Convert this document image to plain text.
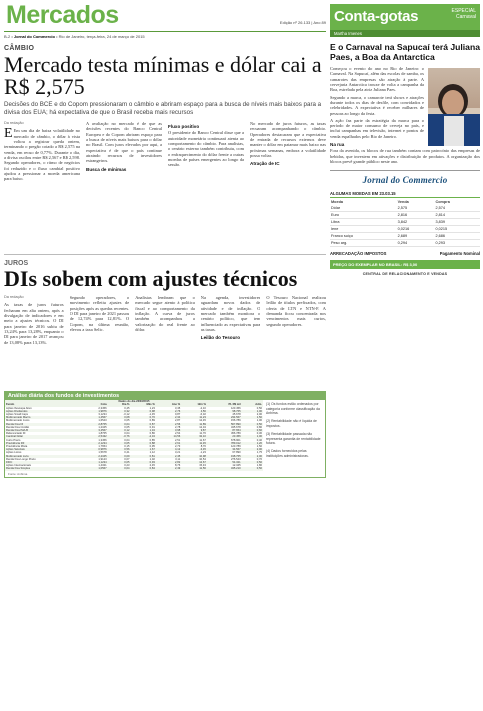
Mercados	Edição nº 26.133 | Ano 89
B-2 • Jornal do Commercio • Rio de Janeiro, terça-feira, 24 de março de 2015
CÂMBIO
Mercado testa mínimas e dólar cai a R$ 2,575
Decisões do BCE e do Copom pressionaram o câmbio e abriram espaço para a busca de níveis mais baixos para a divisa dos EUA; há expectativa de que o Brasil receba mais recursos
Da redação
E Em um dia de baixa volatilidade no mercado de câmbio, o dólar à vista voltou a registrar queda ontem, terminando o pregão cotado a R$ 2,575 na venda, em recuo de 0,77%. Durante o dia, a divisa oscilou entre R$ 2,567 e R$ 2,598. Segundo operadores, o ritmo de negócios foi reduzido e o fluxo cambial positivo ajudou a pressionar a moeda americana para baixo.
A avaliação no mercado é de que as decisões recentes do Banco Central Europeu e do Copom abriram espaço para a busca de níveis mais baixos para o dólar no Brasil. Com juros elevados por aqui, a expectativa é de que o país continue atraindo recursos de investidores estrangeiros.
Busca de mínimas
Fluxo positivo
O presidente do Banco Central disse que a autoridade monetária continuará atenta ao comportamento do câmbio. Para analistas, o cenário externo também contribuiu, com o enfraquecimento do dólar frente a outras moedas de países emergentes ao longo da sessão.
No mercado de juros futuros, as taxas recuaram acompanhando o câmbio. Operadores destacaram que a expectativa de entrada de recursos externos deve manter o dólar em patamar mais baixo nas próximas semanas, embora a volatilidade possa voltar.
Atração de IC
JUROS
DIs sobem com ajustes técnicos
Da redação
As taxas de juros futuros fecharam em alta ontem, após a divulgação de indicadores e em meio a ajustes técnicos. O DI para janeiro de 2016 subiu de 13,24% para 13,28%, enquanto o DI para janeiro de 2017 avançou de 13,08% para 13,13%.
Segundo operadores, o movimento refletiu ajustes de posições após as quedas recentes. O DI para janeiro de 2021 passou de 12,74% para 12,81%. O Copom, na última reunião, elevou a taxa Selic.
Analistas lembram que o mercado segue atento à política fiscal e ao comportamento da inflação. A curva de juros também acompanhou a valorização do real frente ao dólar.
Na agenda, investidores aguardam novos dados de atividade e de inflação. O mercado também monitora o cenário político, que tem influenciado as expectativas para as taxas.
Leilão do Tesouro
O Tesouro Nacional realizou leilão de títulos prefixados, com oferta de LTN e NTN-F. A demanda ficou concentrada nos vencimentos mais curtos, segundo operadores.
Análise diária dos fundos de investimentos
Dados do dia 23/03/2015							
Fundo	Cota	Dia %	Mês %	Ano %	12m %	PL R$ mil	Adm.
Ações Ibovespa Ativo	2,3456	0,45	1,23	3,45	-2,10	123.456	0,50
Ações Dividendos	1,9876	0,32	0,98	2,76	4,56	98.765	1,00
Ações Small Caps	3,1234	-0,12	-1,45	0,87	-6,32	45.678	2,00
Multimercado Macro	1,4567	0,08	0,76	2,34	11,23	234.567	1,50
Multimercado Juros	1,6543	0,05	0,89	2,87	12,45	156.789	1,00
Renda Fixa DI	2,8765	0,04	0,87	2,56	11,89	567.890	0,50
Renda Fixa Crédito	1,2345	0,05	0,91	2,78	12,34	345.678	0,80
Renda Fixa IMA-B	3,4567	0,12	1,34	3,98	9,87	87.654	0,60
Referenciado DI	1,8765	0,04	0,86	2,54	11,76	456.789	0,30
Cambial Dólar	2,5432	-0,76	-2,34	14,56	32,10	23.456	1,00
Curto Prazo	1,3456	0,04	0,85	2,51	11,67	678.901	0,40
Previdência RF	2,1234	0,05	0,88	2,61	11,45	789.012	1,20
Previdência Mista	1,7654	0,15	0,95	2,73	8,76	123.789	1,50
Ações Setoriais	0,9876	0,56	1,67	4,12	-3,45	34.567	2,00
Ações Livres	1,5678	0,41	1,12	3,21	-1,23	67.890	1,75
Multimercado Livre	2,2345	0,09	0,81	2,45	10,98	198.765	2,00
Renda Fixa Longo Prazo	1,9123	0,07	1,02	3,11	10,54	276.543	0,70
FIDC	1,1234	0,05	0,93	2,82	12,67	54.321	0,50
Ações Internacionais	1,4321	0,23	2,45	8,76	15,43	12.345	1,80
Renda Fixa Simples	1,0567	0,04	0,84	2,49	11,56	345.210	0,50

(1) Os fundos estão ordenados por categoria conforme classificação da Anbima.

(2) Rentabilidade não é líquida de impostos.

(3) Rentabilidade passada não representa garantia de rentabilidade futura.

(4) Dados fornecidos pelas instituições administradoras.

Fonte: Anbima
Conta-gotas	ESPECIAL Carnaval
Martha Imenes
E o Carnaval na Sapucaí terá Juliana Paes, a Boa da Antarctica

Começou o evento do ano no Rio de Janeiro: o Carnaval. Na Sapucaí, além das escolas de samba, os camarotes das empresas são atração à parte. A cervejaria Antarctica trouxe de volta a campanha da Boa, estrelada pela atriz Juliana Paes.

Segundo a marca, o camarote terá shows e atrações durante todos os dias de desfile, com convidados e celebridades. A expectativa é receber milhares de pessoas ao longo da festa.

A ação faz parte da estratégia da marca para o período de maior consumo de cerveja no país, e inclui campanhas em televisão, internet e pontos de venda espalhados pelo Rio de Janeiro.

Na rua

Fora da avenida, os blocos de rua também contam com patrocínio das empresas de bebidas, que investem em ativações e distribuição de produtos. A organização dos blocos prevê grande público neste ano.

Jornal do Commercio
ALGUMAS MOEDAS EM 23.03.15
Moeda	Venda	Compra
Dólar	2,575	2,574
Euro	2,816	2,814
Libra	3,842	3,839
Iene	0,0216	0,0215
Franco suíço	2,689	2,686
Peso arg.	0,294	0,293
ARRECADAÇÃO IMPOSTOS	Pagamento Nominal
PREÇO DO EXEMPLAR NO BRASIL: R$ 3,00
CENTRAL DE RELACIONAMENTO E VENDAS
